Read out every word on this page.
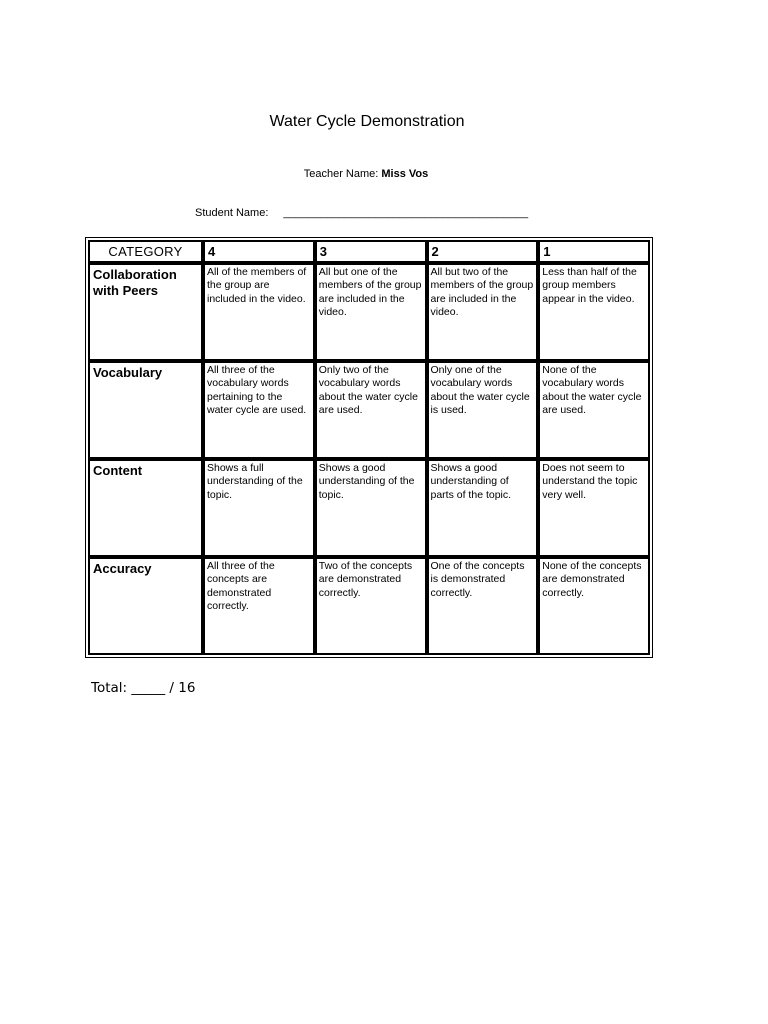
Water Cycle Demonstration
Teacher Name: Miss Vos
Student Name: ________________________________________
CATEGORY	4	3	2	1
Collaboration with Peers	All of the members of the group are included in the video.	All but one of the members of the group are included in the video.	All but two of the members of the group are included in the video.	Less than half of the group members appear in the video.
Vocabulary	All three of the vocabulary words pertaining to the water cycle are used.	Only two of the vocabulary words about the water cycle are used.	Only one of the vocabulary words about the water cycle is used.	None of the vocabulary words about the water cycle are used.
Content	Shows a full understanding of the topic.	Shows a good understanding of the topic.	Shows a good understanding of parts of the topic.	Does not seem to understand the topic very well.
Accuracy	All three of the concepts are demonstrated correctly.	Two of the concepts are demonstrated correctly.	One of the concepts is demonstrated correctly.	None of the concepts are demonstrated correctly.
Total: _____ / 16
